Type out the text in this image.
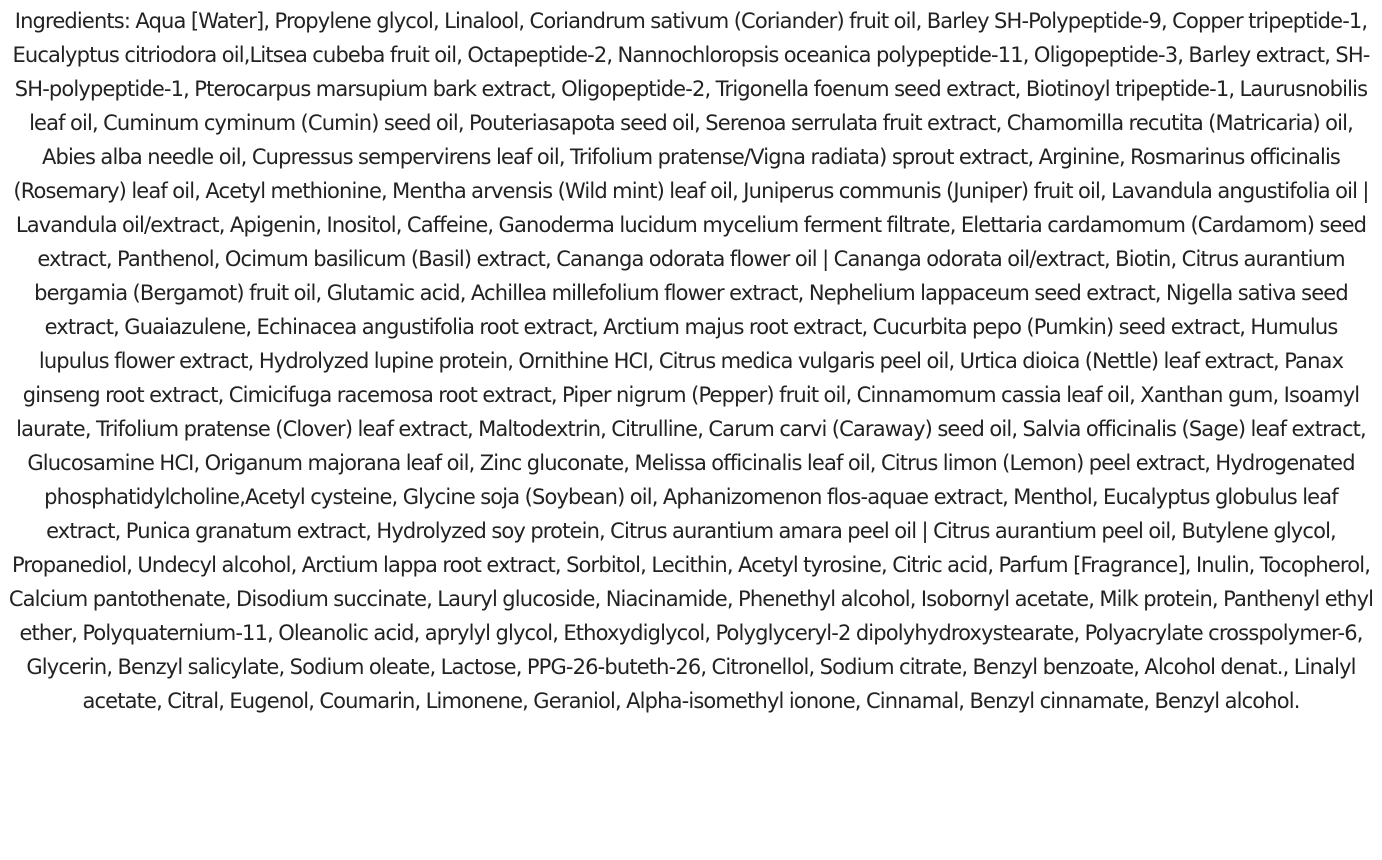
Ingredients: Aqua [Water], Propylene glycol, Linalool, Coriandrum sativum (Coriander) fruit oil, Barley SH-Polypeptide-9, Copper tripeptide-1, Eucalyptus citriodora oil,Litsea cubeba fruit oil, Octapeptide-2, Nannochloropsis oceanica polypeptide-11, Oligopeptide-3, Barley extract, SH- SH-polypeptide-1, Pterocarpus marsupium bark extract, Oligopeptide-2, Trigonella foenum seed extract, Biotinoyl tripeptide-1, Laurusnobilis leaf oil, Cuminum cyminum (Cumin) seed oil, Pouteriasapota seed oil, Serenoa serrulata fruit extract, Chamomilla recutita (Matricaria) oil, Abies alba needle oil, Cupressus sempervirens leaf oil, Trifolium pratense/Vigna radiata) sprout extract, Arginine, Rosmarinus officinalis (Rosemary) leaf oil, Acetyl methionine, Mentha arvensis (Wild mint) leaf oil, Juniperus communis (Juniper) fruit oil, Lavandula angustifolia oil | Lavandula oil/extract, Apigenin, Inositol, Caffeine, Ganoderma lucidum mycelium ferment filtrate, Elettaria cardamomum (Cardamom) seed extract, Panthenol, Ocimum basilicum (Basil) extract, Cananga odorata flower oil | Cananga odorata oil/extract, Biotin, Citrus aurantium bergamia (Bergamot) fruit oil, Glutamic acid, Achillea millefolium flower extract, Nephelium lappaceum seed extract, Nigella sativa seed extract, Guaiazulene, Echinacea angustifolia root extract, Arctium majus root extract, Cucurbita pepo (Pumkin) seed extract, Humulus lupulus flower extract, Hydrolyzed lupine protein, Ornithine HCI, Citrus medica vulgaris peel oil, Urtica dioica (Nettle) leaf extract, Panax ginseng root extract, Cimicifuga racemosa root extract, Piper nigrum (Pepper) fruit oil, Cinnamomum cassia leaf oil, Xanthan gum, Isoamyl laurate, Trifolium pratense (Clover) leaf extract, Maltodextrin, Citrulline, Carum carvi (Caraway) seed oil, Salvia officinalis (Sage) leaf extract, Glucosamine HCI, Origanum majorana leaf oil, Zinc gluconate, Melissa officinalis leaf oil, Citrus limon (Lemon) peel extract, Hydrogenated phosphatidylcholine,Acetyl cysteine, Glycine soja (Soybean) oil, Aphanizomenon flos-aquae extract, Menthol, Eucalyptus globulus leaf extract, Punica granatum extract, Hydrolyzed soy protein, Citrus aurantium amara peel oil | Citrus aurantium peel oil, Butylene glycol, Propanediol, Undecyl alcohol, Arctium lappa root extract, Sorbitol, Lecithin, Acetyl tyrosine, Citric acid, Parfum [Fragrance], Inulin, Tocopherol, Calcium pantothenate, Disodium succinate, Lauryl glucoside, Niacinamide, Phenethyl alcohol, Isobornyl acetate, Milk protein, Panthenyl ethyl ether, Polyquaternium-11, Oleanolic acid, aprylyl glycol, Ethoxydiglycol, Polyglyceryl-2 dipolyhydroxystearate, Polyacrylate crosspolymer-6, Glycerin, Benzyl salicylate, Sodium oleate, Lactose, PPG-26-buteth-26, Citronellol, Sodium citrate, Benzyl benzoate, Alcohol denat., Linalyl acetate, Citral, Eugenol, Coumarin, Limonene, Geraniol, Alpha-isomethyl ionone, Cinnamal, Benzyl cinnamate, Benzyl alcohol.
